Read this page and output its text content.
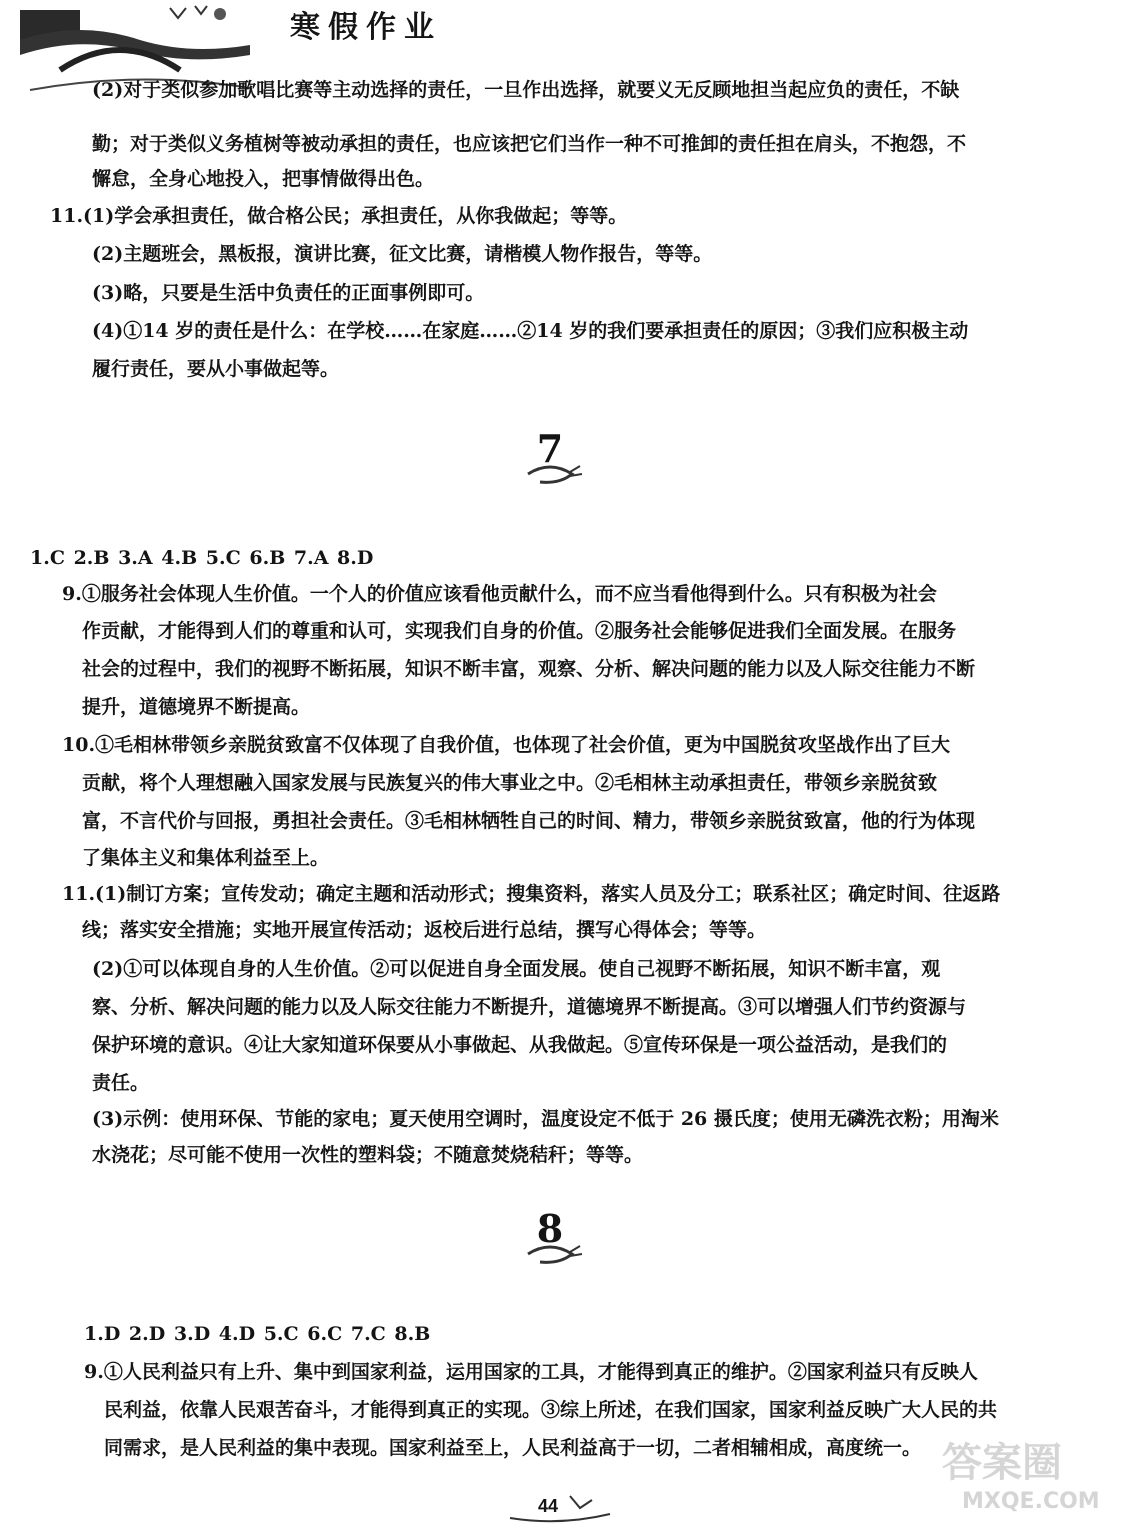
寒假作业
(2)对于类似参加歌唱比赛等主动选择的责任，一旦作出选择，就要义无反顾地担当起应负的责任，不缺
勤；对于类似义务植树等被动承担的责任，也应该把它们当作一种不可推卸的责任担在肩头，不抱怨，不
懈怠，全身心地投入，把事情做得出色。
11.(1)学会承担责任，做合格公民；承担责任，从你我做起；等等。
(2)主题班会，黑板报，演讲比赛，征文比赛，请楷模人物作报告，等等。
(3)略，只要是生活中负责任的正面事例即可。
(4)①14 岁的责任是什么：在学校……在家庭……②14 岁的我们要承担责任的原因；③我们应积极主动
履行责任，要从小事做起等。
7
1.C 2.B 3.A 4.B 5.C 6.B 7.A 8.D
9.①服务社会体现人生价值。一个人的价值应该看他贡献什么，而不应当看他得到什么。只有积极为社会
作贡献，才能得到人们的尊重和认可，实现我们自身的价值。②服务社会能够促进我们全面发展。在服务
社会的过程中，我们的视野不断拓展，知识不断丰富，观察、分析、解决问题的能力以及人际交往能力不断
提升，道德境界不断提高。
10.①毛相林带领乡亲脱贫致富不仅体现了自我价值，也体现了社会价值，更为中国脱贫攻坚战作出了巨大
贡献，将个人理想融入国家发展与民族复兴的伟大事业之中。②毛相林主动承担责任，带领乡亲脱贫致
富，不言代价与回报，勇担社会责任。③毛相林牺牲自己的时间、精力，带领乡亲脱贫致富，他的行为体现
了集体主义和集体利益至上。
11.(1)制订方案；宣传发动；确定主题和活动形式；搜集资料，落实人员及分工；联系社区；确定时间、往返路
线；落实安全措施；实地开展宣传活动；返校后进行总结，撰写心得体会；等等。
(2)①可以体现自身的人生价值。②可以促进自身全面发展。使自己视野不断拓展，知识不断丰富，观
察、分析、解决问题的能力以及人际交往能力不断提升，道德境界不断提高。③可以增强人们节约资源与
保护环境的意识。④让大家知道环保要从小事做起、从我做起。⑤宣传环保是一项公益活动，是我们的
责任。
(3)示例：使用环保、节能的家电；夏天使用空调时，温度设定不低于 26 摄氏度；使用无磷洗衣粉；用淘米
水浇花；尽可能不使用一次性的塑料袋；不随意焚烧秸秆；等等。
8
1.D 2.D 3.D 4.D 5.C 6.C 7.C 8.B
9.①人民利益只有上升、集中到国家利益，运用国家的工具，才能得到真正的维护。②国家利益只有反映人
民利益，依靠人民艰苦奋斗，才能得到真正的实现。③综上所述，在我们国家，国家利益反映广大人民的共
同需求，是人民利益的集中表现。国家利益至上，人民利益高于一切，二者相辅相成，高度统一。
44
答案圈
MXQE.COM
